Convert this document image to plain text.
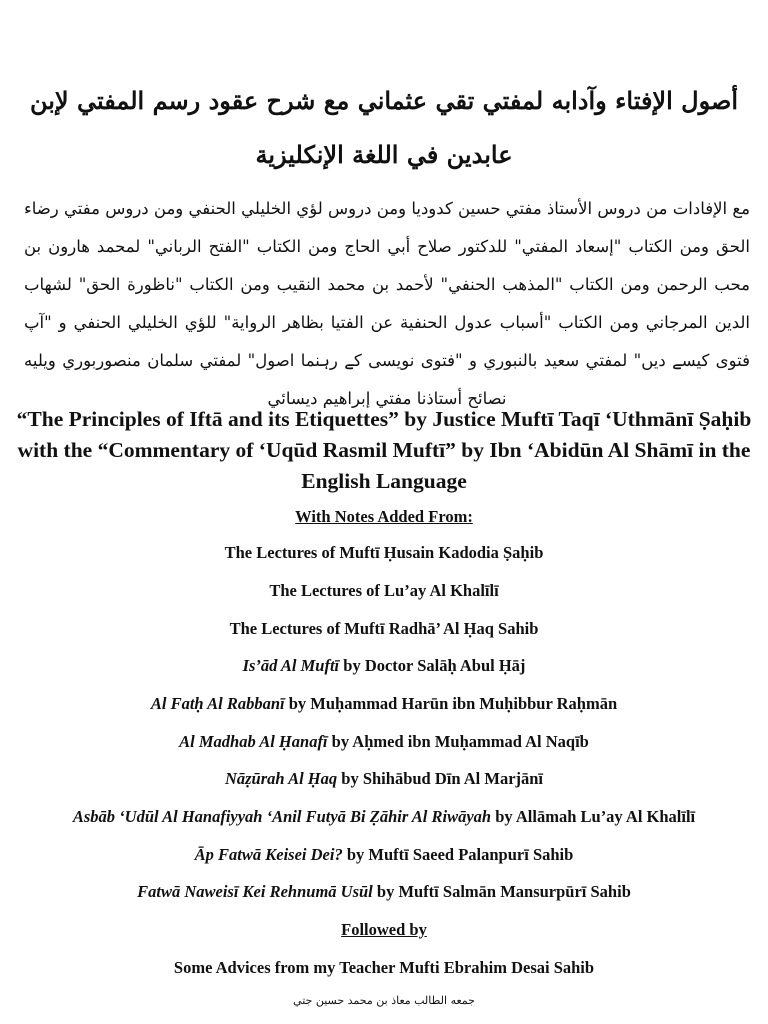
أصول الإفتاء وآدابه لمفتي تقي عثماني مع شرح عقود رسم المفتي لإبن عابدين في اللغة الإنكليزية
مع الإفادات من دروس الأستاذ مفتي حسين كدوديا ومن دروس لؤي الخليلي الحنفي ومن دروس مفتي رضاء الحق ومن الكتاب "إسعاد المفتي" للدكتور صلاح أبي الحاج ومن الكتاب "الفتح الرباني" لمحمد هارون بن محب الرحمن ومن الكتاب "المذهب الحنفي" لأحمد بن محمد النقيب ومن الكتاب "ناظورة الحق" لشهاب الدين المرجاني ومن الكتاب "أسباب عدول الحنفية عن الفتيا بظاهر الرواية" للؤي الخليلي الحنفي و "آپ فتوی کیسے دیں" لمفتي سعيد بالنبوري و "فتوی نویسی کے رہنما اصول" لمفتي سلمان منصوربوري ويليه نصائح أستاذنا مفتي إبراهيم ديسائي
“The Principles of Iftā and its Etiquettes” by Justice Muftī Taqī ‘Uthmānī Ṣaḥib with the “Commentary of ‘Uqūd Rasmil Muftī” by Ibn ‘Abidūn Al Shāmī in the English Language
With Notes Added From:
The Lectures of Muftī Ḥusain Kadodia Ṣaḥib
The Lectures of Lu’ay Al Khalīlī
The Lectures of Muftī Radhā’ Al Ḥaq Sahib
Is’ād Al Muftī by Doctor Salāḥ Abul Ḥāj
Al Fatḥ Al Rabbanī by Muḥammad Harūn ibn Muḥibbur Raḥmān
Al Madhab Al Ḥanafī by Aḥmed ibn Muḥammad Al Naqīb
Nāẓūrah Al Ḥaq by Shihābud Dīn Al Marjānī
Asbāb ‘Udūl Al Hanafiyyah ‘Anil Futyā Bi Ẓāhir Al Riwāyah by Allāmah Lu’ay Al Khalīlī
Āp Fatwā Keisei Dei? by Muftī Saeed Palanpurī Sahib
Fatwā Naweisī Kei Rehnumā Usūl by Muftī Salmān Mansurpūrī Sahib
Followed by
Some Advices from my Teacher Mufti Ebrahim Desai Sahib
جمعه الطالب معاذ بن محمد حسين جتي
